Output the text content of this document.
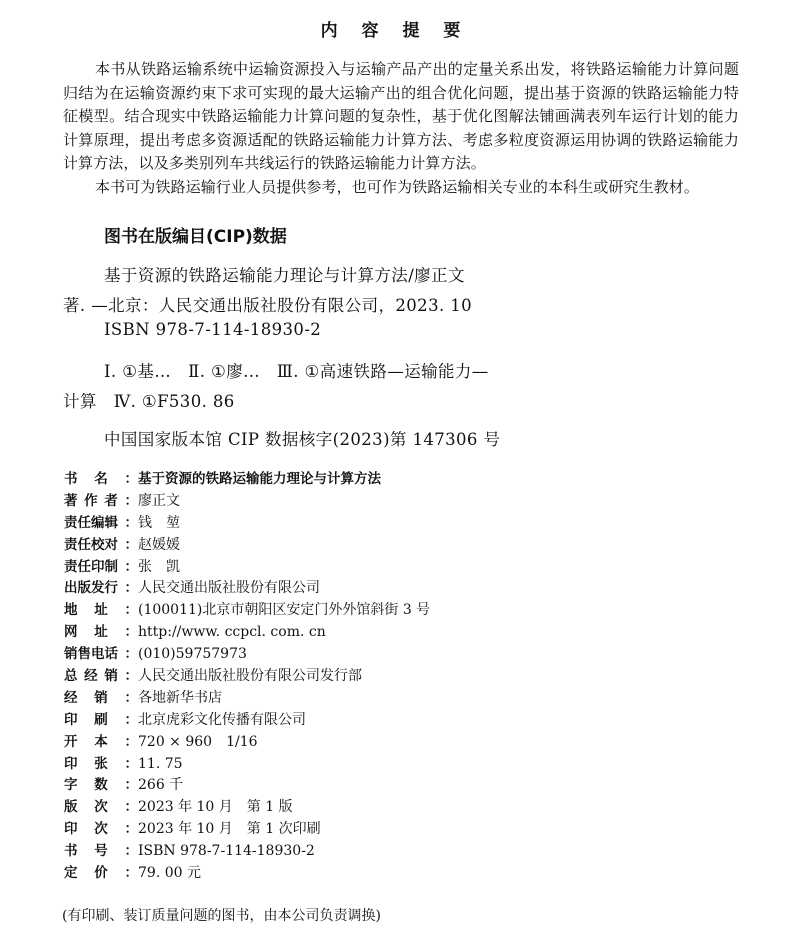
内 容 提 要

本书从铁路运输系统中运输资源投入与运输产品产出的定量关系出发，将铁路运输能力计算问题归结为在运输资源约束下求可实现的最大运输产出的组合优化问题，提出基于资源的铁路运输能力特征模型。结合现实中铁路运输能力计算问题的复杂性，基于优化图解法铺画满表列车运行计划的能力计算原理，提出考虑多资源适配的铁路运输能力计算方法、考虑多粒度资源运用协调的铁路运输能力计算方法，以及多类别列车共线运行的铁路运输能力计算方法。

本书可为铁路运输行业人员提供参考，也可作为铁路运输相关专业的本科生或研究生教材。

图书在版编目(CIP)数据
基于资源的铁路运输能力理论与计算方法/廖正文
著. —北京：人民交通出版社股份有限公司，2023. 10
ISBN 978-7-114-18930-2
Ⅰ. ①基…　Ⅱ. ①廖…　Ⅲ. ①高速铁路—运输能力—
计算　Ⅳ. ①F530. 86
中国国家版本馆 CIP 数据核字(2023)第 147306 号
书 名 ： 基于资源的铁路运输能力理论与计算方法
著 作 者 ： 廖正文
责任编辑 ： 钱　堃
责任校对 ： 赵媛媛
责任印制 ： 张　凯
出版发行 ： 人民交通出版社股份有限公司
地 址 ： (100011)北京市朝阳区安定门外外馆斜街 3 号
网 址 ： http://www. ccpcl. com. cn
销售电话 ： (010)59757973
总 经 销 ： 人民交通出版社股份有限公司发行部
经 销 ： 各地新华书店
印 刷 ： 北京虎彩文化传播有限公司
开 本 ： 720 × 960　1/16
印 张 ： 11. 75
字 数 ： 266 千
版 次 ： 2023 年 10 月　第 1 版
印 次 ： 2023 年 10 月　第 1 次印刷
书 号 ： ISBN 978-7-114-18930-2
定 价 ： 79. 00 元
(有印刷、装订质量问题的图书，由本公司负责调换)
